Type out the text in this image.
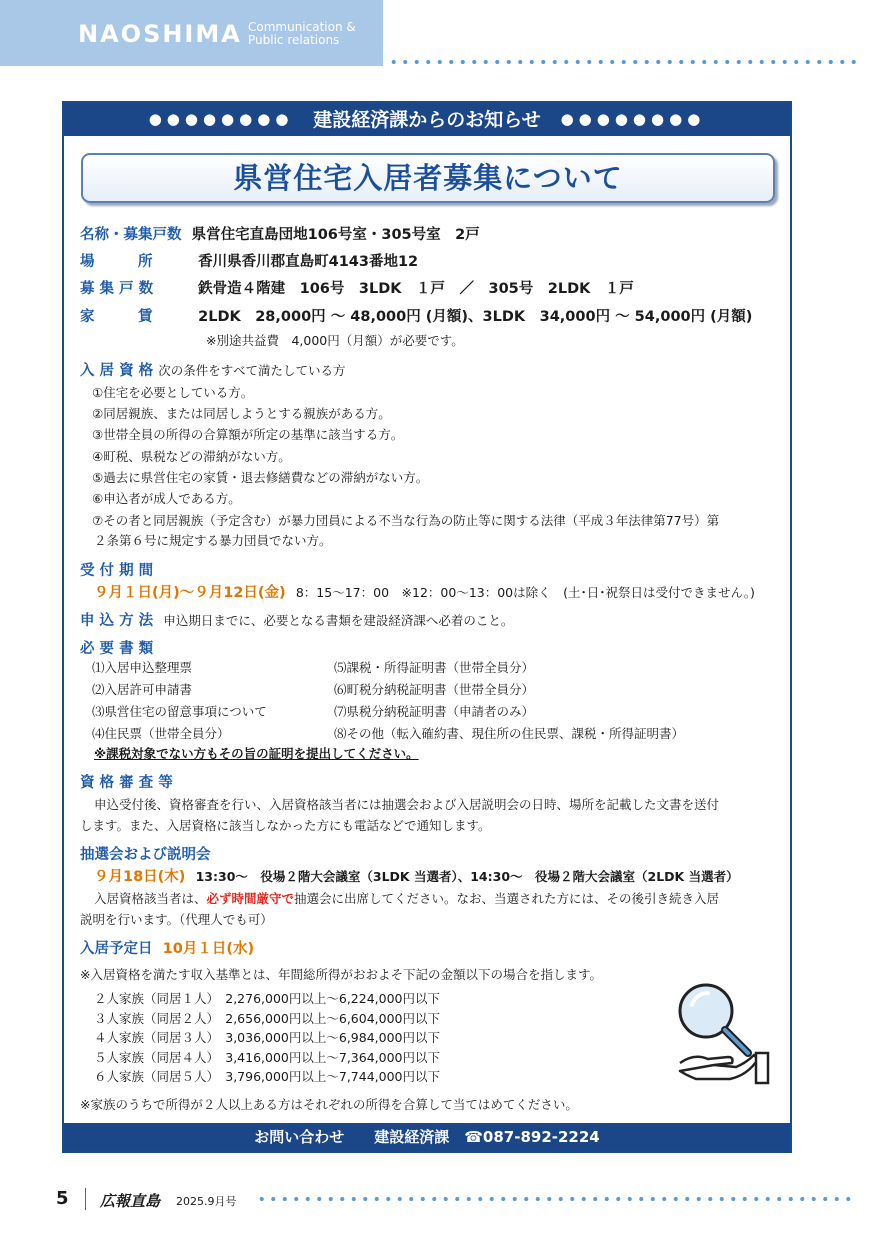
NAOSHIMA Communication &
Public relations
●●●●●●●● 建設経済課からのお知らせ ●●●●●●●●
県営住宅入居者募集について
名称・募集戸数 県営住宅直島団地106号室・305号室　2戸
場　　　所	香川県香川郡直島町4143番地12
募 集 戸 数	鉄骨造４階建　106号　3LDK　１戸　／　305号　2LDK　１戸
家　　　賃	2LDK　28,000円 ～ 48,000円 (月額)、3LDK　34,000円 ～ 54,000円 (月額)
※別途共益費　4,000円（月額）が必要です。
入 居 資 格 次の条件をすべて満たしている方
①住宅を必要としている方。
②同居親族、または同居しようとする親族がある方。
③世帯全員の所得の合算額が所定の基準に該当する方。
④町税、県税などの滞納がない方。
⑤過去に県営住宅の家賃・退去修繕費などの滞納がない方。
⑥申込者が成人である方。
⑦その者と同居親族（予定含む）が暴力団員による不当な行為の防止等に関する法律（平成３年法律第77号）第
２条第６号に規定する暴力団員でない方。
受 付 期 間
９月１日(月)～９月12日(金) 8：15～17：00　※12：00～13：00は除く　(土･日･祝祭日は受付できません。)
申 込 方 法 申込期日までに、必要となる書類を建設経済課へ必着のこと。
必 要 書 類
⑴入居申込整理票
⑵入居許可申請書
⑶県営住宅の留意事項について
⑷住民票（世帯全員分）
⑸課税・所得証明書（世帯全員分）
⑹町税分納税証明書（世帯全員分）
⑺県税分納税証明書（申請者のみ）
⑻その他（転入確約書、現住所の住民票、課税・所得証明書）
※課税対象でない方もその旨の証明を提出してください。
資 格 審 査 等
申込受付後、資格審査を行い、入居資格該当者には抽選会および入居説明会の日時、場所を記載した文書を送付
します。また、入居資格に該当しなかった方にも電話などで通知します。
抽選会および説明会
９月18日(木) 13:30～　役場２階大会議室（3LDK 当選者）、14:30～　役場２階大会議室（2LDK 当選者）
入居資格該当者は、必ず時間厳守で抽選会に出席してください。なお、当選された方には、その後引き続き入居
説明を行います。（代理人でも可）
入居予定日 10月１日(水)
※入居資格を満たす収入基準とは、年間総所得がおおよそ下記の金額以下の場合を指します。
２人家族（同居１人）　2,276,000円以上～6,224,000円以下
３人家族（同居２人）　2,656,000円以上～6,604,000円以下
４人家族（同居３人）　3,036,000円以上～6,984,000円以下
５人家族（同居４人）　3,416,000円以上～7,364,000円以下
６人家族（同居５人）　3,796,000円以上～7,744,000円以下
※家族のうちで所得が２人以上ある方はそれぞれの所得を合算して当てはめてください。
お問い合わせ　　建設経済課　☎087-892-2224
5 広報直島 2025.9月号
